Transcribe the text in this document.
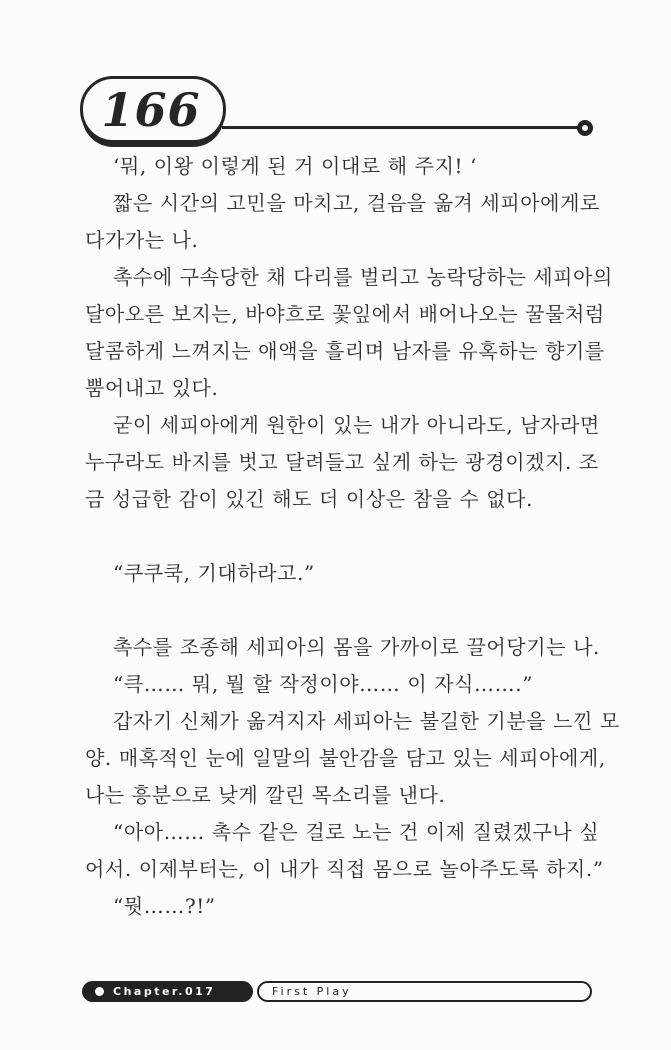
166
‘뭐, 이왕 이렇게 된 거 이대로 해 주지! ‘
짧은 시간의 고민을 마치고, 걸음을 옮겨 세피아에게로
다가가는 나.
촉수에 구속당한 채 다리를 벌리고 농락당하는 세피아의
달아오른 보지는, 바야흐로 꽃잎에서 배어나오는 꿀물처럼
달콤하게 느껴지는 애액을 흘리며 남자를 유혹하는 향기를
뿜어내고 있다.
굳이 세피아에게 원한이 있는 내가 아니라도, 남자라면
누구라도 바지를 벗고 달려들고 싶게 하는 광경이겠지. 조
금 성급한 감이 있긴 해도 더 이상은 참을 수 없다.
“쿠쿠쿡, 기대하라고.”
촉수를 조종해 세피아의 몸을 가까이로 끌어당기는 나.
“큭…… 뭐, 뭘 할 작정이야…… 이 자식…….”
갑자기 신체가 옮겨지자 세피아는 불길한 기분을 느낀 모
양. 매혹적인 눈에 일말의 불안감을 담고 있는 세피아에게,
나는 흥분으로 낮게 깔린 목소리를 낸다.
“아아…… 촉수 같은 걸로 노는 건 이제 질렸겠구나 싶
어서. 이제부터는, 이 내가 직접 몸으로 놀아주도록 하지.”
“뭣……?!”
Chapter.017	First Play
